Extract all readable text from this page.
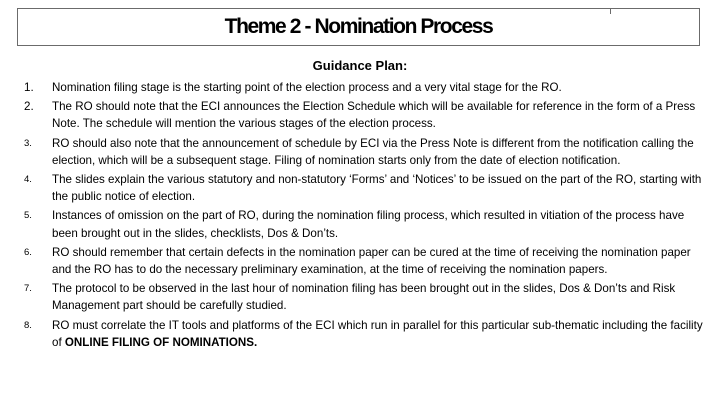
Theme 2 - Nomination Process

Guidance Plan:

1.	Nomination filing stage is the starting point of the election process and a very vital stage for the RO.
2.	The RO should note that the ECI announces the Election Schedule which will be available for reference in the form of a Press Note. The schedule will mention the various stages of the election process.
3.	RO should also note that the announcement of schedule by ECI via the Press Note is different from the notification calling the election, which will be a subsequent stage. Filing of nomination starts only from the date of election notification.
4.	The slides explain the various statutory and non-statutory ‘Forms’ and ‘Notices’ to be issued on the part of the RO, starting with the public notice of election.
5.	Instances of omission on the part of RO, during the nomination filing process, which resulted in vitiation of the process have been brought out in the slides, checklists, Dos & Don’ts.
6.	RO should remember that certain defects in the nomination paper can be cured at the time of receiving the nomination paper and the RO has to do the necessary preliminary examination, at the time of receiving the nomination papers.
7.	The protocol to be observed in the last hour of nomination filing has been brought out in the slides, Dos & Don’ts and Risk Management part should be carefully studied.
8.	RO must correlate the IT tools and platforms of the ECI which run in parallel for this particular sub-thematic including the facility of ONLINE FILING OF NOMINATIONS.
